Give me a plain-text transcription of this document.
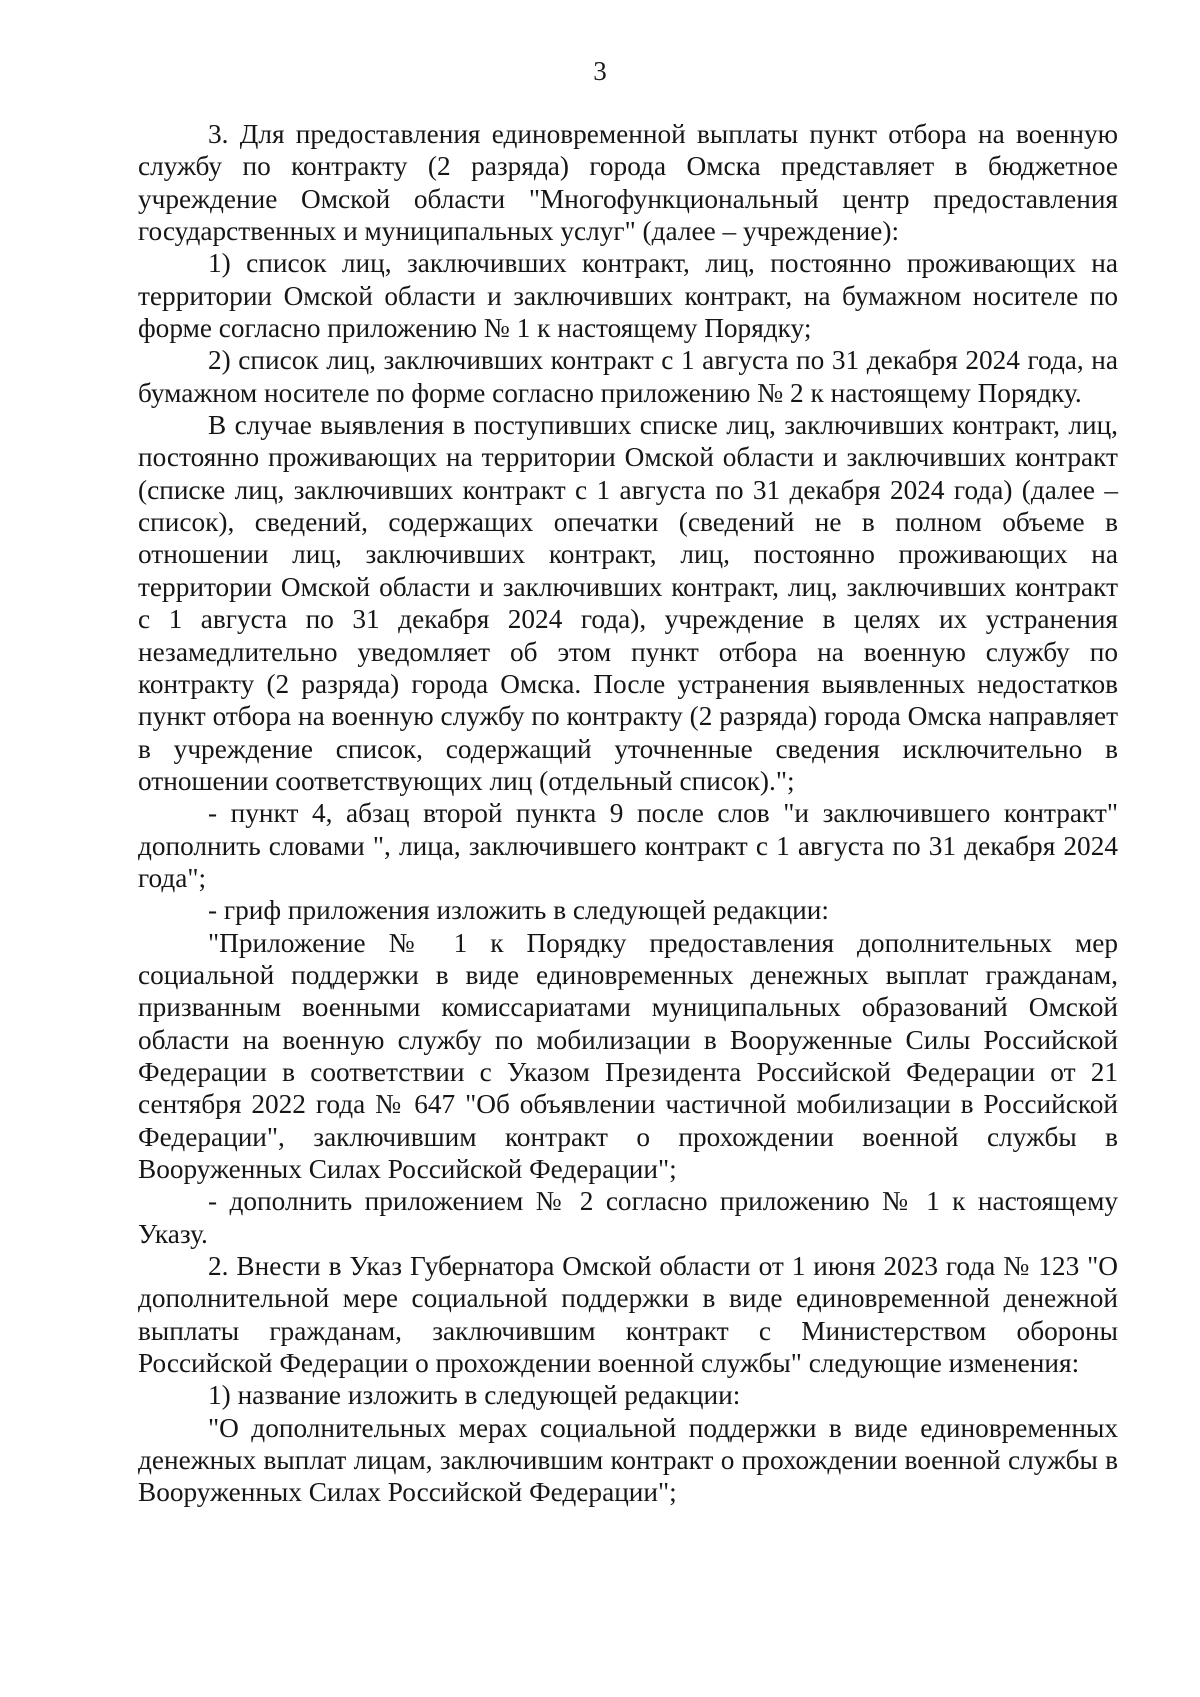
3

3. Для предоставления единовременной выплаты пункт отбора на военную службу по контракту (2 разряда) города Омска представляет в бюджетное учреждение Омской области "Многофункциональный центр предоставления государственных и муниципальных услуг" (далее – учреждение):

1) список лиц, заключивших контракт, лиц, постоянно проживающих на территории Омской области и заключивших контракт, на бумажном носителе по форме согласно приложению № 1 к настоящему Порядку;

2) список лиц, заключивших контракт с 1 августа по 31 декабря 2024 года, на бумажном носителе по форме согласно приложению № 2 к настоящему Порядку.

В случае выявления в поступивших списке лиц, заключивших контракт, лиц, постоянно проживающих на территории Омской области и заключивших контракт (списке лиц, заключивших контракт с 1 августа по 31 декабря 2024 года) (далее – список), сведений, содержащих опечатки (сведений не в полном объеме в отношении лиц, заключивших контракт, лиц, постоянно проживающих на территории Омской области и заключивших контракт, лиц, заключивших контракт с 1 августа по 31 декабря 2024 года), учреждение в целях их устранения незамедлительно уведомляет об этом пункт отбора на военную службу по контракту (2 разряда) города Омска. После устранения выявленных недостатков пункт отбора на военную службу по контракту (2 разряда) города Омска направляет в учреждение список, содержащий уточненные сведения исключительно в отношении соответствующих лиц (отдельный список).";

- пункт 4, абзац второй пункта 9 после слов "и заключившего контракт" дополнить словами ", лица, заключившего контракт с 1 августа по 31 декабря 2024 года";

- гриф приложения изложить в следующей редакции:

"Приложение № 1 к Порядку предоставления дополнительных мер социальной поддержки в виде единовременных денежных выплат гражданам, призванным военными комиссариатами муниципальных образований Омской области на военную службу по мобилизации в Вооруженные Силы Российской Федерации в соответствии с Указом Президента Российской Федерации от 21 сентября 2022 года № 647 "Об объявлении частичной мобилизации в Российской Федерации", заключившим контракт о прохождении военной службы в Вооруженных Силах Российской Федерации";

- дополнить приложением № 2 согласно приложению № 1 к настоящему Указу.

2. Внести в Указ Губернатора Омской области от 1 июня 2023 года № 123 "О дополнительной мере социальной поддержки в виде единовременной денежной выплаты гражданам, заключившим контракт с Министерством обороны Российской Федерации о прохождении военной службы" следующие изменения:

1) название изложить в следующей редакции:

"О дополнительных мерах социальной поддержки в виде единовременных денежных выплат лицам, заключившим контракт о прохождении военной службы в Вооруженных Силах Российской Федерации";
